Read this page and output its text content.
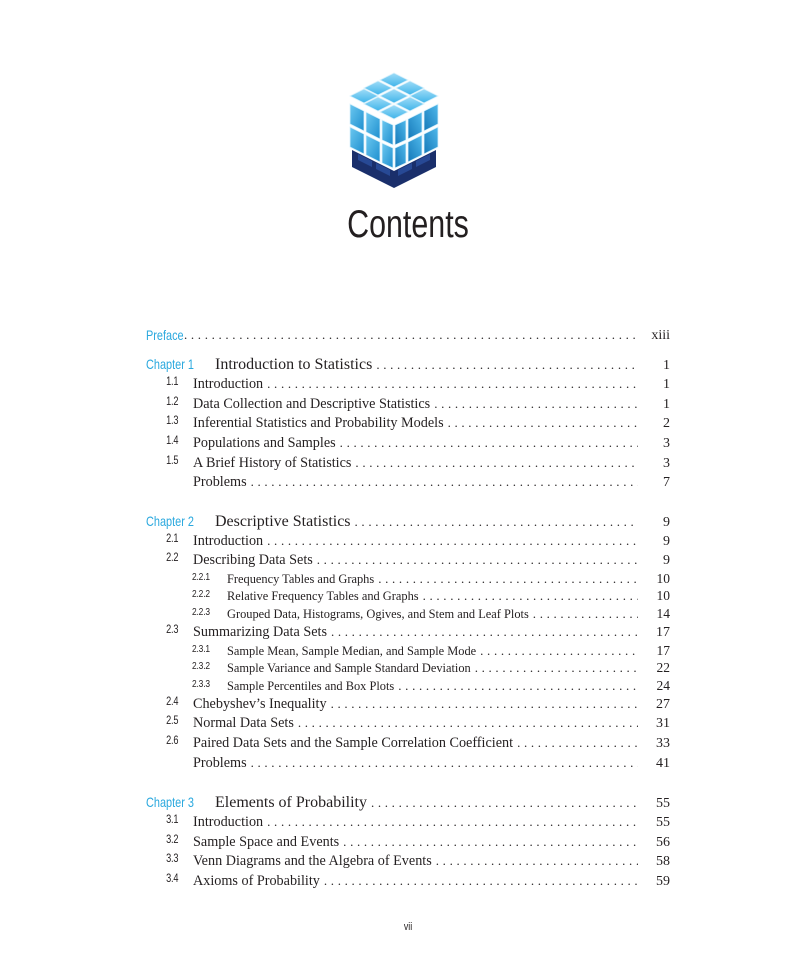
Contents
Preface . . .	xiii
Chapter 1 Introduction to Statistics . . .	1
1.1 Introduction . . .	1
1.2 Data Collection and Descriptive Statistics . . .	1
1.3 Inferential Statistics and Probability Models . . .	2
1.4 Populations and Samples . . .	3
1.5 A Brief History of Statistics . . .	3
Problems . . .	7
Chapter 2 Descriptive Statistics . . .	9
2.1 Introduction . . .	9
2.2 Describing Data Sets . . .	9
2.2.1 Frequency Tables and Graphs . . .	10
2.2.2 Relative Frequency Tables and Graphs . . .	10
2.2.3 Grouped Data, Histograms, Ogives, and Stem and Leaf Plots . . .	14
2.3 Summarizing Data Sets . . .	17
2.3.1 Sample Mean, Sample Median, and Sample Mode . . .	17
2.3.2 Sample Variance and Sample Standard Deviation . . .	22
2.3.3 Sample Percentiles and Box Plots . . .	24
2.4 Chebyshev’s Inequality . . .	27
2.5 Normal Data Sets . . .	31
2.6 Paired Data Sets and the Sample Correlation Coefficient . . .	33
Problems . . .	41
Chapter 3 Elements of Probability . . .	55
3.1 Introduction . . .	55
3.2 Sample Space and Events . . .	56
3.3 Venn Diagrams and the Algebra of Events . . .	58
3.4 Axioms of Probability . . .	59
vii
